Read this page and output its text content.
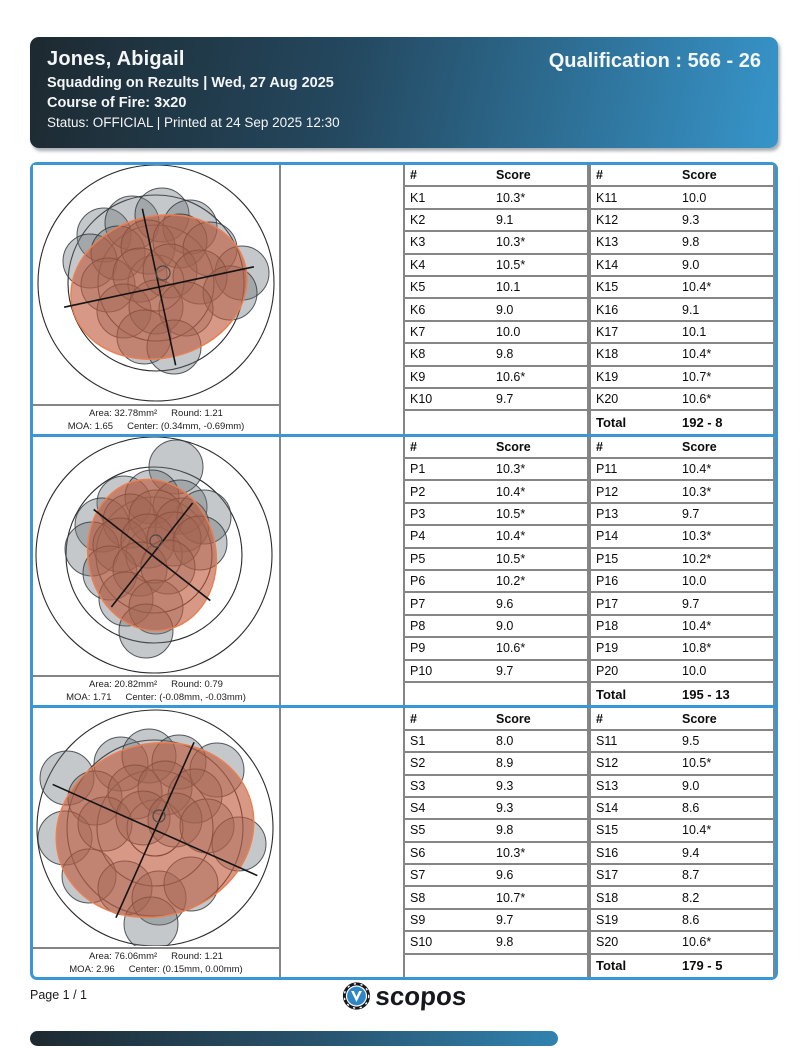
Jones, Abigail
Squadding on Rezults | Wed, 27 Aug 2025
Course of Fire: 3x20
Status: OFFICIAL | Printed at 24 Sep 2025 12:30
Qualification : 566 - 26
Area: 32.78mm² Round: 1.21
MOA: 1.65 Center: (0.34mm, -0.69mm)
#	Score
K1	10.3*
K2	9.1
K3	10.3*
K4	10.5*
K5	10.1
K6	9.0
K7	10.0
K8	9.8
K9	10.6*
K10	9.7
#	Score
K11	10.0
K12	9.3
K13	9.8
K14	9.0
K15	10.4*
K16	9.1
K17	10.1
K18	10.4*
K19	10.7*
K20	10.6*
Total	192 - 8
Area: 20.82mm² Round: 0.79
MOA: 1.71 Center: (-0.08mm, -0.03mm)
#	Score
P1	10.3*
P2	10.4*
P3	10.5*
P4	10.4*
P5	10.5*
P6	10.2*
P7	9.6
P8	9.0
P9	10.6*
P10	9.7
#	Score
P11	10.4*
P12	10.3*
P13	9.7
P14	10.3*
P15	10.2*
P16	10.0
P17	9.7
P18	10.4*
P19	10.8*
P20	10.0
Total	195 - 13
Area: 76.06mm² Round: 1.21
MOA: 2.96 Center: (0.15mm, 0.00mm)
#	Score
S1	8.0
S2	8.9
S3	9.3
S4	9.3
S5	9.8
S6	10.3*
S7	9.6
S8	10.7*
S9	9.7
S10	9.8
#	Score
S11	9.5
S12	10.5*
S13	9.0
S14	8.6
S15	10.4*
S16	9.4
S17	8.7
S18	8.2
S19	8.6
S20	10.6*
Total	179 - 5
Page 1 / 1	scopos
